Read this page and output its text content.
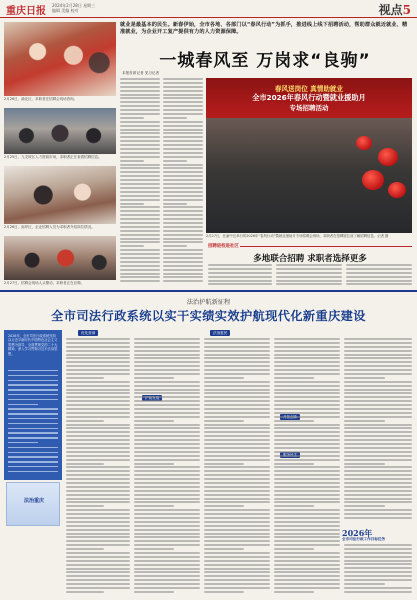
重庆日报
2024年2月28日 星期三
编辑 美编 校对	视点5
2月26日，渝北区，求职者在招聘会现场咨询。
2月25日，九龙坡区人力资源市场，求职者正在查看招聘信息。
2月26日，南岸区，企业招聘人员为求职者介绍岗位情况。
2月27日，招聘会现场人头攒动，求职者正在应聘。
就业是最基本的民生。新春伊始，全市各地、各部门以“春风行动”为抓手，推进线上线下招聘活动，帮助群众就近就业、精准就业，为企业开工复产提供有力的人力资源保障。
一城春风至 万岗求“良驹”
本报首席记者 见习记者
春风送岗位 真情助就业
全市2026年春风行动暨就业援助月
专场招聘活动
2月27日，在渝中区举行的2026年“春风行动”暨就业援助月专场招聘会现场，求职者在招聘展位前了解招聘信息。记者 摄
招聘进校进社区
多地联合招聘 求职者选择更多
法治护航新征程
全市司法行政系统以实干实绩实效护航现代化新重庆建设
2026年，全市司法行政系统坚持以习近平新时代中国特色社会主义思想为指导，全面贯彻党的二十大精神，深入学习贯彻习近平法治思想。
法治重庆
优化营商	法治惠民
2026年
全市司法行政工作目标任务
